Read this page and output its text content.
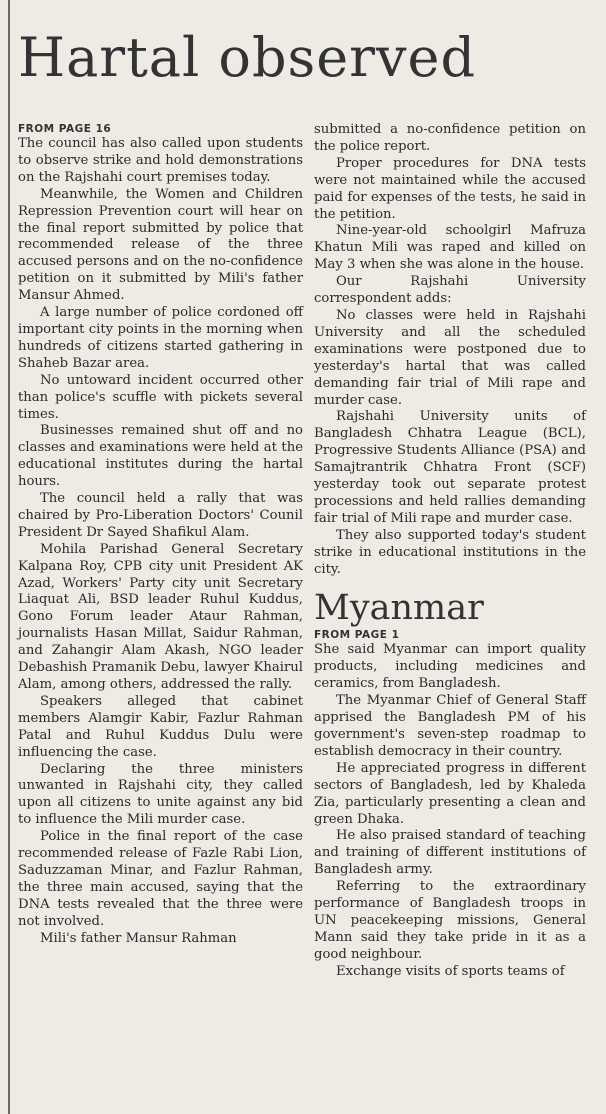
Hartal observed

FROM PAGE 16

The council has also called upon students to observe strike and hold demonstrations on the Rajshahi court premises today.

Meanwhile, the Women and Children Repression Prevention court will hear on the final report submitted by police that recommended release of the three accused persons and on the no-confidence petition on it submitted by Mili's father Mansur Ahmed.

A large number of police cordoned off important city points in the morning when hundreds of citizens started gathering in Shaheb Bazar area.

No untoward incident occurred other than police's scuffle with pickets several times.

Businesses remained shut off and no classes and examinations were held at the educational institutes during the hartal hours.

The council held a rally that was chaired by Pro-Liberation Doctors' Counil President Dr Sayed Shafikul Alam.

Mohila Parishad General Secretary Kalpana Roy, CPB city unit President AK Azad, Workers' Party city unit Secretary Liaquat Ali, BSD leader Ruhul Kuddus, Gono Forum leader Ataur Rahman, journalists Hasan Millat, Saidur Rahman, and Zahangir Alam Akash, NGO leader Debashish Pramanik Debu, lawyer Khairul Alam, among others, addressed the rally.

Speakers alleged that cabinet members Alamgir Kabir, Fazlur Rahman Patal and Ruhul Kuddus Dulu were influencing the case.

Declaring the three ministers unwanted in Rajshahi city, they called upon all citizens to unite against any bid to influence the Mili murder case.

Police in the final report of the case recommended release of Fazle Rabi Lion, Saduzzaman Minar, and Fazlur Rahman, the three main accused, saying that the DNA tests revealed that the three were not involved.

Mili's father Mansur Rahman

submitted a no-confidence petition on the police report.

Proper procedures for DNA tests were not maintained while the accused paid for expenses of the tests, he said in the petition.

Nine-year-old schoolgirl Mafruza Khatun Mili was raped and killed on May 3 when she was alone in the house.

Our Rajshahi University correspondent adds:

No classes were held in Rajshahi University and all the scheduled examinations were postponed due to yesterday's hartal that was called demanding fair trial of Mili rape and murder case.

Rajshahi University units of Bangladesh Chhatra League (BCL), Progressive Students Alliance (PSA) and Samajtrantrik Chhatra Front (SCF) yesterday took out separate protest processions and held rallies demanding fair trial of Mili rape and murder case.

They also supported today's student strike in educational institutions in the city.

Myanmar

FROM PAGE 1

She said Myanmar can import quality products, including medicines and ceramics, from Bangladesh.

The Myanmar Chief of General Staff apprised the Bangladesh PM of his government's seven-step roadmap to establish democracy in their country.

He appreciated progress in different sectors of Bangladesh, led by Khaleda Zia, particularly presenting a clean and green Dhaka.

He also praised standard of teaching and training of different institutions of Bangladesh army.

Referring to the extraordinary performance of Bangladesh troops in UN peacekeeping missions, General Mann said they take pride in it as a good neighbour.

Exchange visits of sports teams of
